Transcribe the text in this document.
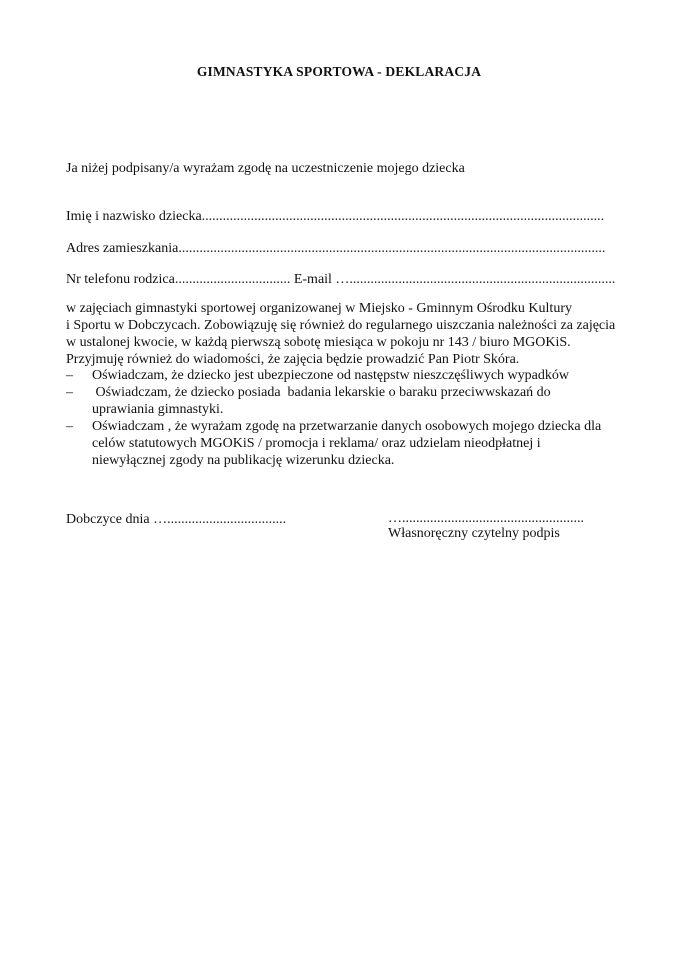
GIMNASTYKA SPORTOWA - DEKLARACJA
Ja niżej podpisany/a wyrażam zgodę na uczestniczenie mojego dziecka
Imię i nazwisko dziecka...................................................................................................................
Adres zamieszkania..........................................................................................................................
Nr telefonu rodzica................................. E-mail …............................................................................

w zajęciach gimnastyki sportowej organizowanej w Miejsko - Gminnym Ośrodku Kultury

i Sportu w Dobczycach. Zobowiązuję się również do regularnego uiszczania należności za zajęcia

w ustalonej kwocie, w każdą pierwszą sobotę miesiąca w pokoju nr 143 / biuro MGOKiS.

Przyjmuję również do wiadomości, że zajęcia będzie prowadzić Pan Piotr Skóra.

– Oświadczam, że dziecko jest ubezpieczone od następstw nieszczęśliwych wypadków
– Oświadczam, że dziecko posiada  badania lekarskie o baraku przeciwwskazań do
uprawiania gimnastyki.
– Oświadczam , że wyrażam zgodę na przetwarzanie danych osobowych mojego dziecka dla
celów statutowych MGOKiS / promocja i reklama/ oraz udzielam nieodpłatnej i
niewyłącznej zgody na publikację wizerunku dziecka.
Dobczyce dnia …..................................	…....................................................
Własnoręczny czytelny podpis
